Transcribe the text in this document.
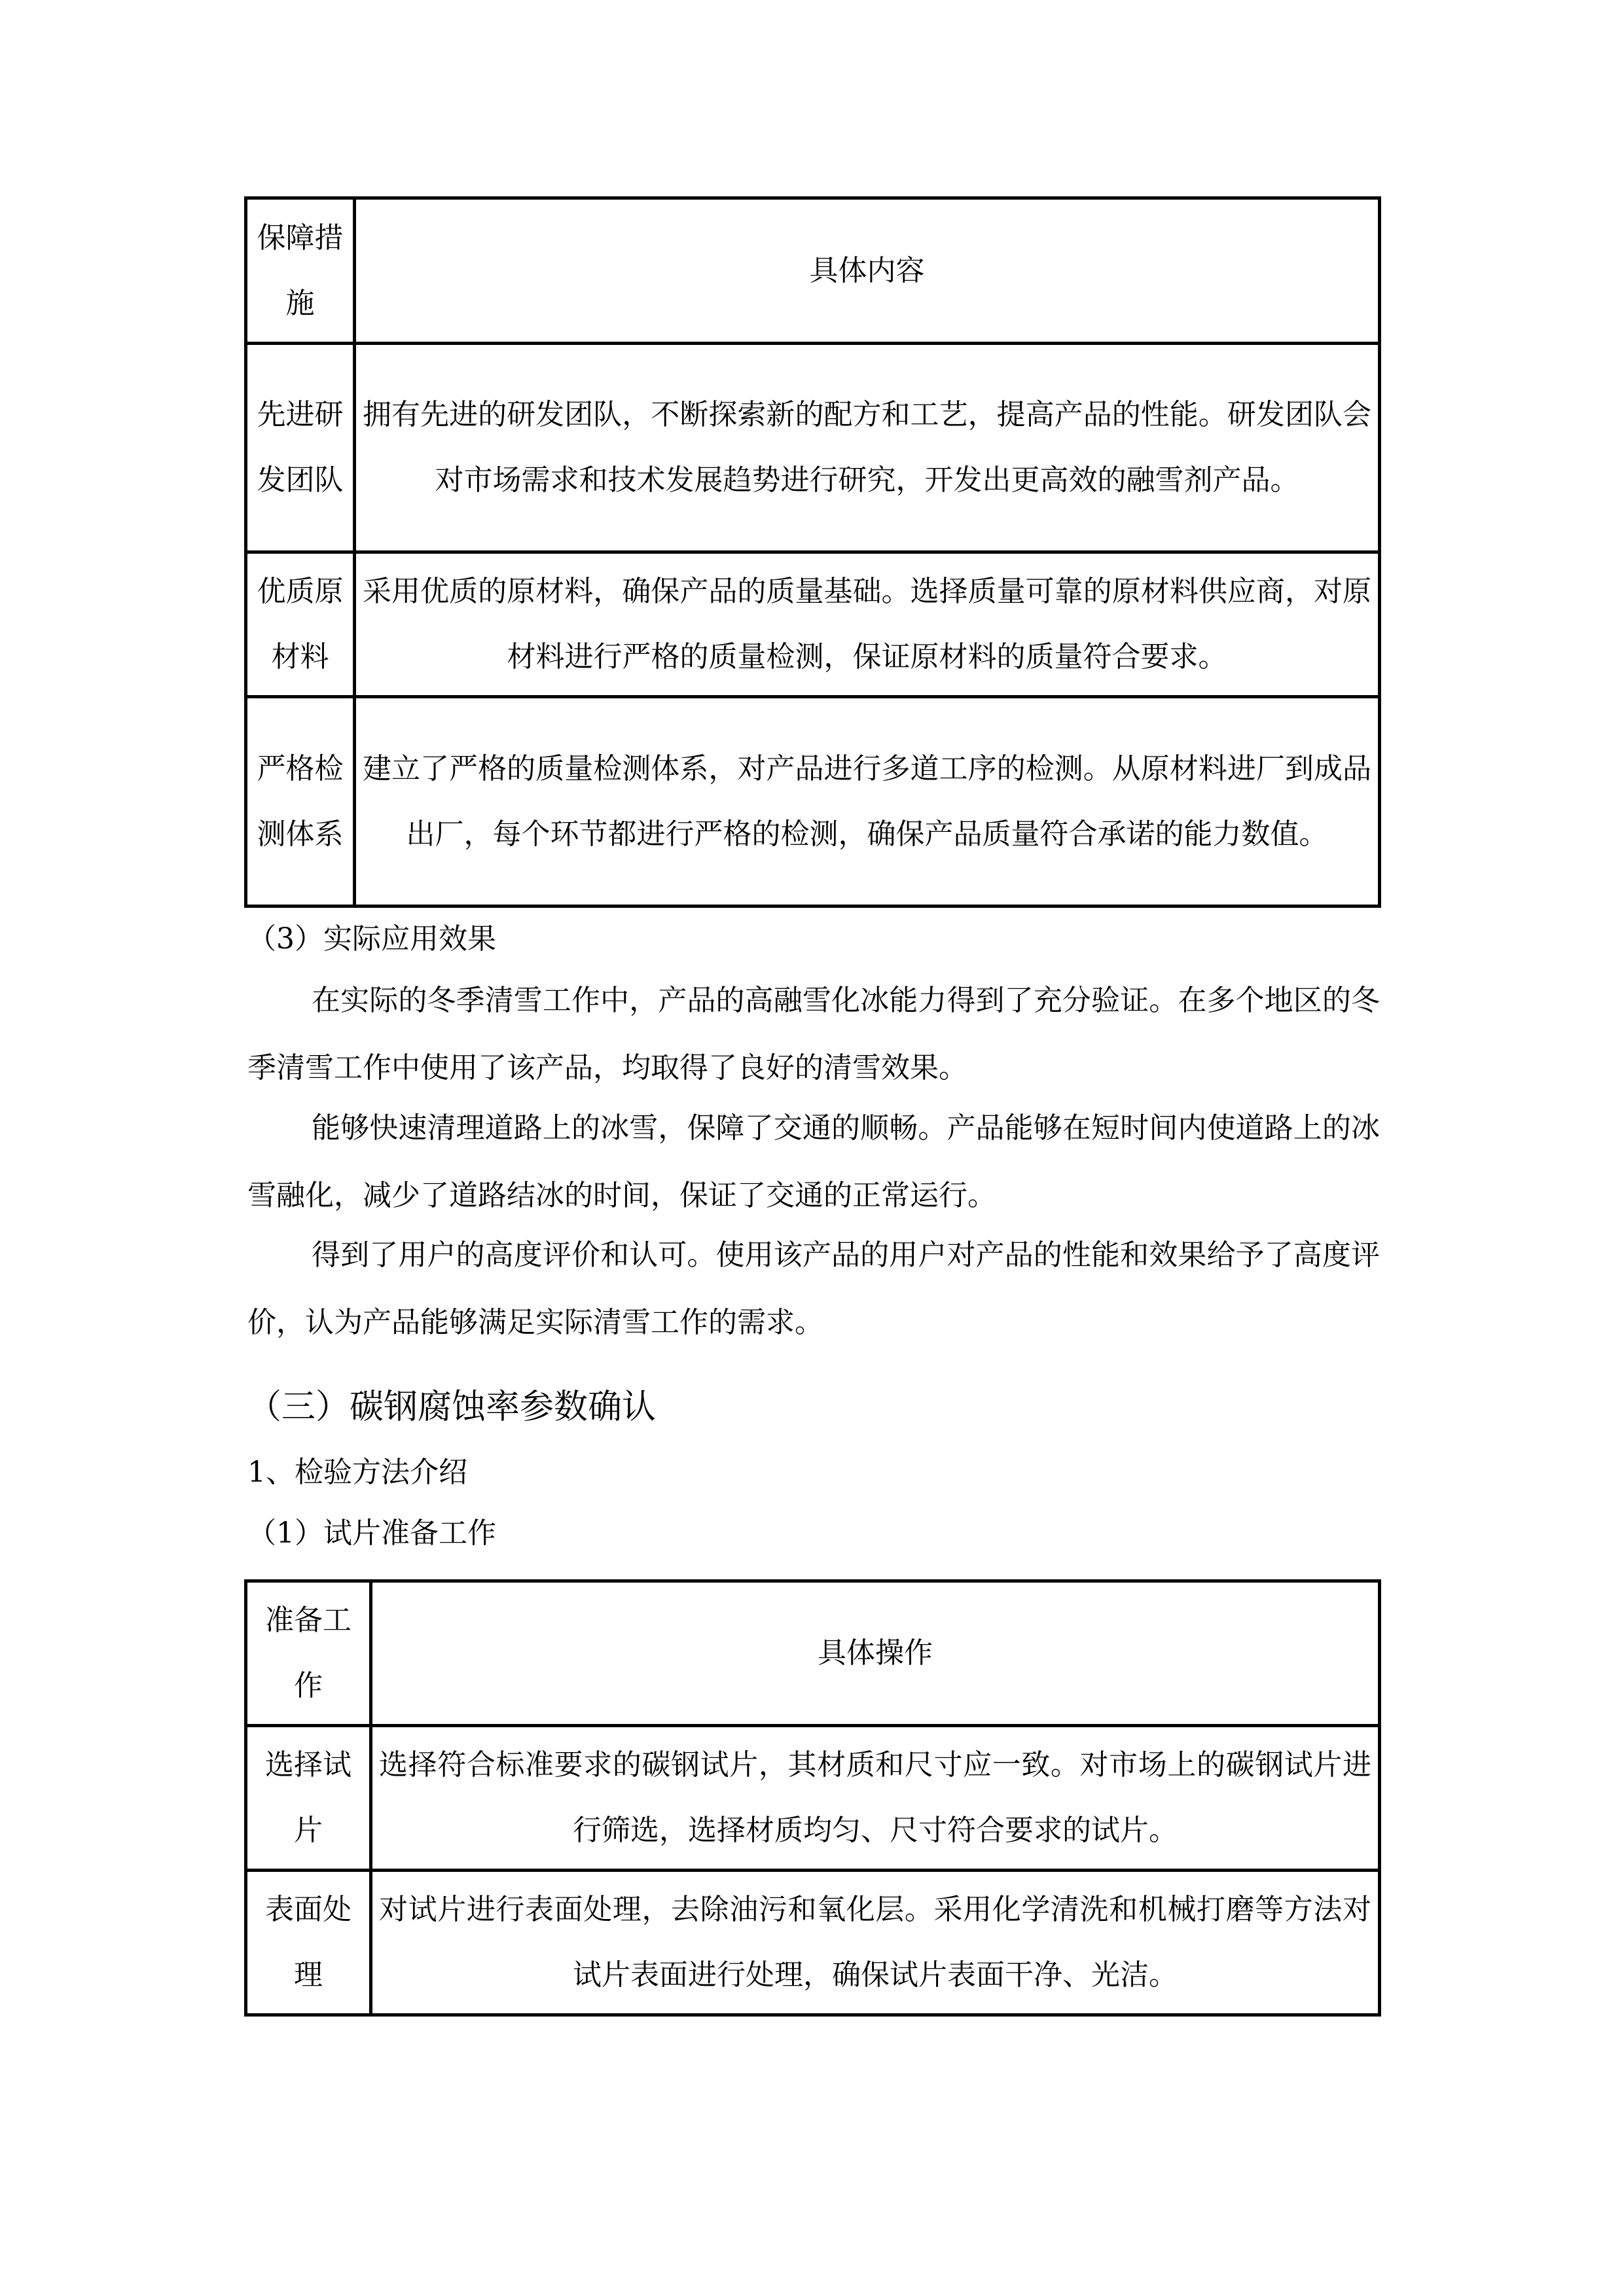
保障措施	具体内容
先进研发团队	拥有先进的研发团队，不断探索新的配方和工艺，提高产品的性能。研发团队会对市场需求和技术发展趋势进行研究，开发出更高效的融雪剂产品。

优质原材料	采用优质的原材料，确保产品的质量基础。选择质量可靠的原材料供应商，对原材料进行严格的质量检测，保证原材料的质量符合要求。

严格检测体系	建立了严格的质量检测体系，对产品进行多道工序的检测。从原材料进厂到成品出厂，每个环节都进行严格的检测，确保产品质量符合承诺的能力数值。

（3）实际应用效果
在实际的冬季清雪工作中，产品的高融雪化冰能力得到了充分验证。在多个地区的冬季清雪工作中使用了该产品，均取得了良好的清雪效果。
能够快速清理道路上的冰雪，保障了交通的顺畅。产品能够在短时间内使道路上的冰雪融化，减少了道路结冰的时间，保证了交通的正常运行。
得到了用户的高度评价和认可。使用该产品的用户对产品的性能和效果给予了高度评价，认为产品能够满足实际清雪工作的需求。
（三）碳钢腐蚀率参数确认
1、检验方法介绍
（1）试片准备工作
准备工作	具体操作
选择试片	选择符合标准要求的碳钢试片，其材质和尺寸应一致。对市场上的碳钢试片进行筛选，选择材质均匀、尺寸符合要求的试片。

表面处理	对试片进行表面处理，去除油污和氧化层。采用化学清洗和机械打磨等方法对试片表面进行处理，确保试片表面干净、光洁。
